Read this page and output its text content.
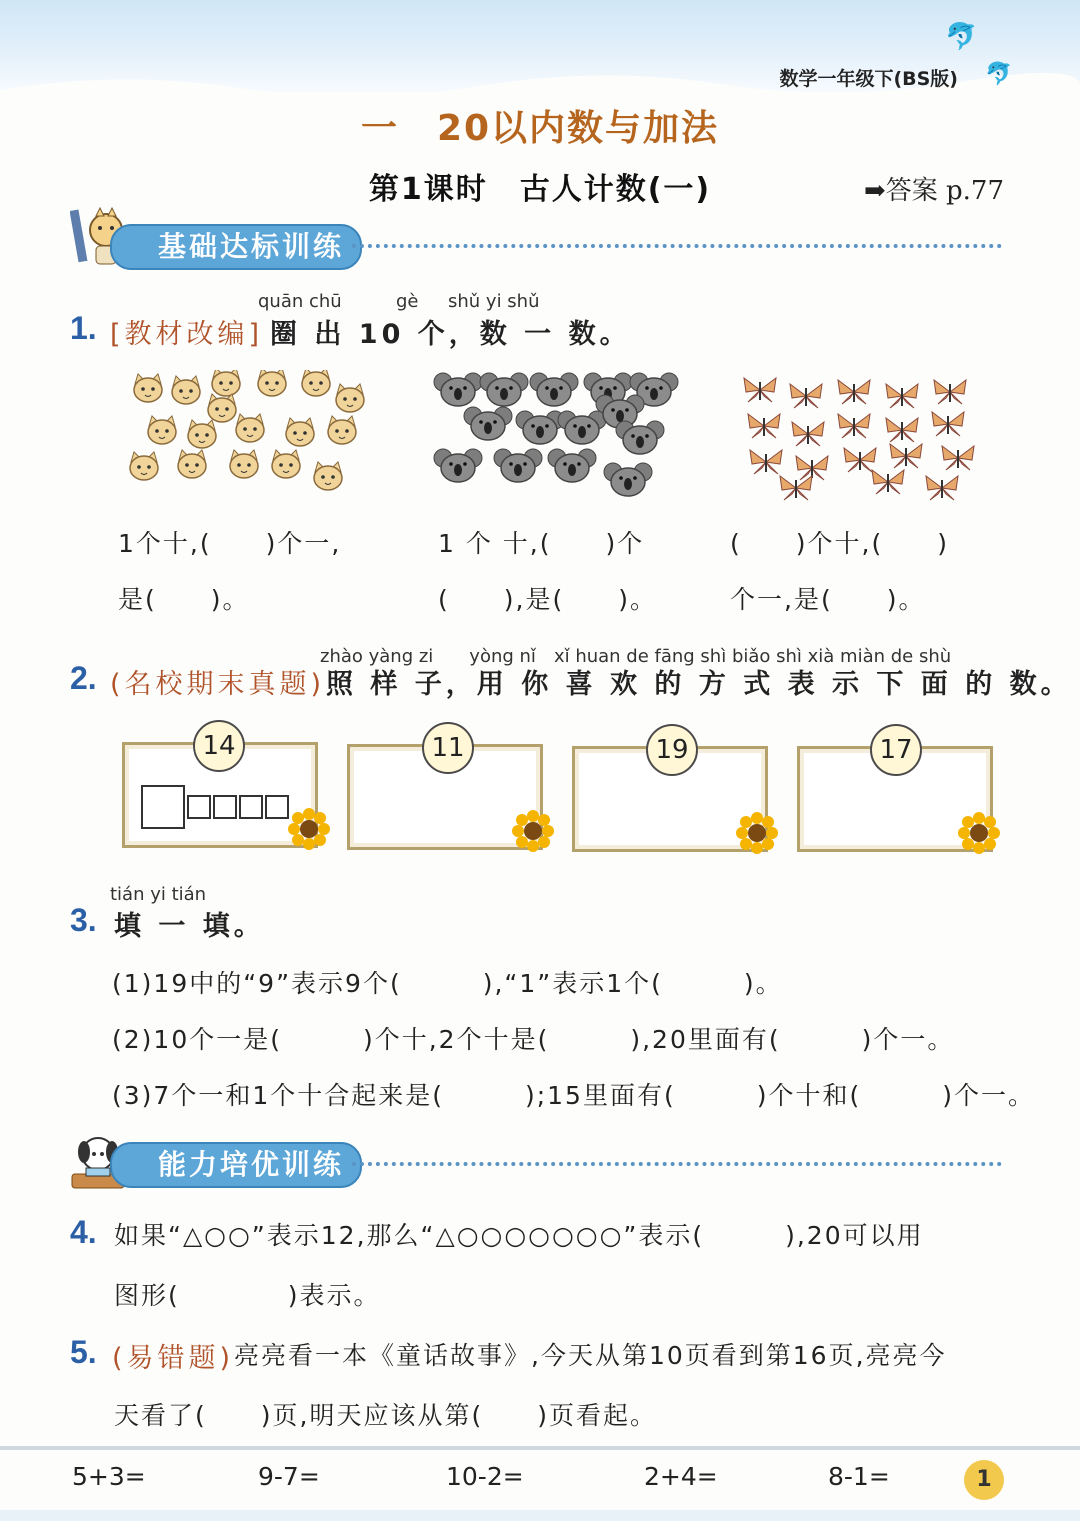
🐬
🐬
数学一年级下(BS版)
一　20以内数与加法
第1课时　古人计数(一)	➡答案 p.77
基础达标训练
quān chū	gè shǔ yi shǔ
1. [教材改编] 圈 出 10 个，数 一 数。
1个十,(　　)个一,	1 个 十,(　　)个	(　　)个十,(　　)
是(　　)。	(　　),是(　　)。	个一,是(　　)。
zhào yàng zi　　yòng nǐ　xǐ huan de fāng shì biǎo shì xià miàn de shù
2. (名校期末真题) 照 样 子，用 你 喜 欢 的 方 式 表 示 下 面 的 数。
14	11	19	17
tián yi tián
3. 填 一 填。
(1)19中的“9”表示9个(　　　),“1”表示1个(　　　)。
(2)10个一是(　　　)个十,2个十是(　　　),20里面有(　　　)个一。
(3)7个一和1个十合起来是(　　　);15里面有(　　　)个十和(　　　)个一。
能力培优训练
4. 如果“△○○”表示12,那么“△○○○○○○○”表示(　　　),20可以用
图形(　　　　)表示。
5. (易错题) 亮亮看一本《童话故事》,今天从第10页看到第16页,亮亮今
天看了(　　)页,明天应该从第(　　)页看起。
5+3=	9-7=	10-2=	2+4=	8-1=	1
